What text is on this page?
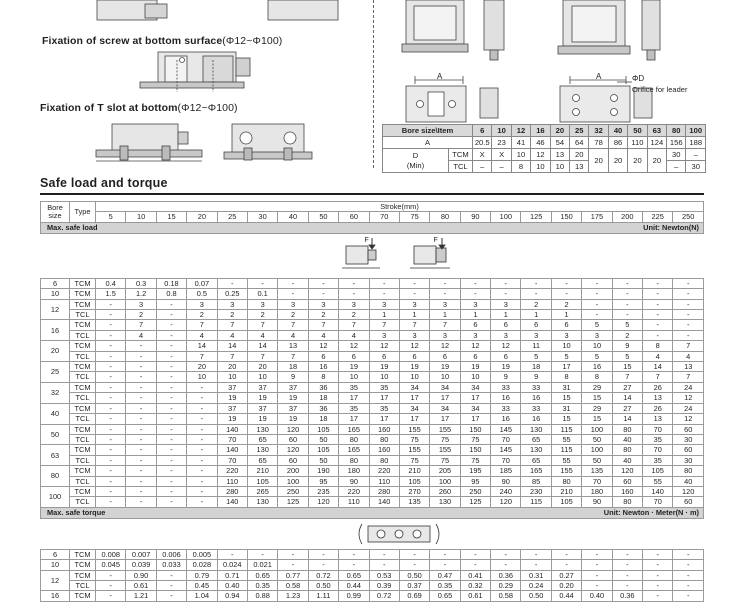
Fixation of screw at bottom surface(Φ12~Φ100)
Fixation of T slot at bottom(Φ12~Φ100)
A	A	ΦD
Orifice for leader
Bore size\Item		6	10	12	16	20	25	32	40	50	63	80	100
A		20.5	23	41	46	54	64	78	86	110	124	156	188
D
(Min)	TCM	X	X	10	12	13	20	20	20	20	20	30	–
	TCL	–	–	8	10	10	13					–	30
Safe load and torque
Bore size	Type	Stroke(mm)																			
		5	10	15	20	25	30	40	50	60	70	75	80	90	100	125	150	175	200	225	250
Max. safe load Unit: Newton(N)																					

F F																					

6	TCM	0.4	0.3	0.18	0.07	-	-	-	-	-	-	-	-	-	-	-	-	-	-	-	-
10	TCM	1.5	1.2	0.8	0.5	0.25	0.1	-	-	-	-	-	-	-	-	-	-	-	-	-	-
12	TCM	-	3	-	3	3	3	3	3	3	3	3	3	3	3	2	2	-	-	-	-
	TCL	-	2	-	2	2	2	2	2	2	1	1	1	1	1	1	1	-	-	-	-
16	TCM	-	7	-	7	7	7	7	7	7	7	7	7	6	6	6	6	5	5	-	-
	TCL	-	4	-	4	4	4	4	4	4	3	3	3	3	3	3	3	3	2	-	-
20	TCM	-	-	-	14	14	14	13	12	12	12	12	12	12	12	11	10	10	9	8	7
	TCL	-	-	-	7	7	7	7	6	6	6	6	6	6	6	5	5	5	5	4	4
25	TCM	-	-	-	20	20	20	18	16	19	19	19	19	19	19	18	17	16	15	14	13
	TCL	-	-	-	10	10	10	9	8	10	10	10	10	10	9	9	8	8	7	7	7
32	TCM	-	-	-	-	37	37	37	36	35	35	34	34	34	33	33	31	29	27	26	24
	TCL	-	-	-	-	19	19	19	18	17	17	17	17	17	16	16	15	15	14	13	12
40	TCM	-	-	-	-	37	37	37	36	35	35	34	34	34	33	33	31	29	27	26	24
	TCL	-	-	-	-	19	19	19	18	17	17	17	17	17	16	16	15	15	14	13	12
50	TCM	-	-	-	-	140	130	120	105	165	160	155	155	150	145	130	115	100	80	70	60
	TCL	-	-	-	-	70	65	60	50	80	80	75	75	75	70	65	55	50	40	35	30
63	TCM	-	-	-	-	140	130	120	105	165	160	155	155	150	145	130	115	100	80	70	60
	TCL	-	-	-	-	70	65	60	50	80	80	75	75	75	70	65	55	50	40	35	30
80	TCM	-	-	-	-	220	210	200	190	180	220	210	205	195	185	165	155	135	120	105	80
	TCL	-	-	-	-	110	105	100	95	90	110	105	100	95	90	85	80	70	60	55	40
100	TCM	-	-	-	-	280	265	250	235	220	280	270	260	250	240	230	210	180	160	140	120
	TCL	-	-	-	-	140	130	125	120	110	140	135	130	125	120	115	105	90	80	70	60
Max. safe torque Unit: Newton · Meter(N · m)																					

6	TCM	0.008	0.007	0.006	0.005	-	-	-	-	-	-	-	-	-	-	-	-	-	-	-	-
10	TCM	0.045	0.039	0.033	0.028	0.024	0.021	-	-	-	-	-	-	-	-	-	-	-	-	-	-
12	TCM	-	0.90	-	0.79	0.71	0.65	0.77	0.72	0.65	0.53	0.50	0.47	0.41	0.36	0.31	0.27	-	-	-	-
	TCL	-	0.61	-	0.45	0.40	0.35	0.58	0.50	0.44	0.39	0.37	0.35	0.32	0.29	0.24	0.20	-	-	-	-
16	TCM	-	1.21	-	1.04	0.94	0.88	1.23	1.11	0.99	0.72	0.69	0.65	0.61	0.58	0.50	0.44	0.40	0.36	-	-
